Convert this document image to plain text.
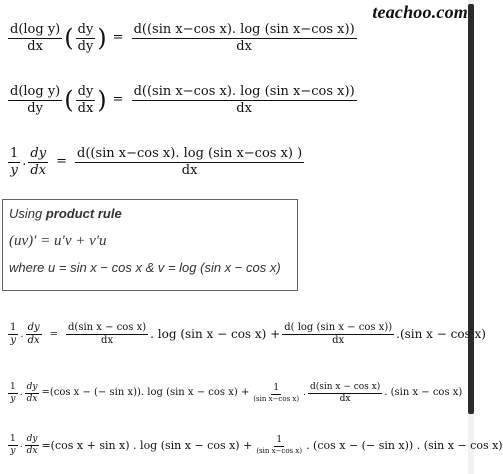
teachoo.com
$\frac{\text{d(log y)}}{dx}$ ( $\frac{dy}{dy}$ ) = $\frac{\text{d((sin x−cos x). log (sin x−cos x))}}{dx}$
$\frac{\text{d(log y)}}{dy}$ ( $\frac{dy}{dx}$ ) = $\frac{\text{d((sin x−cos x). log (sin x−cos x))}}{dx}$
$\frac{1}{y}$ . $\frac{dy}{dx} = \frac{\text{d((sin x−cos x). log (sin x−cos x) )}}{dx}$
Using product rule
(uv)′ = u′v + v′u
where u = sin x − cos x & v = log (sin x − cos x)
$\frac{1}{y}$ . $\frac{dy}{dx} = \frac{\text{d(sin x − cos x)}}{dx}$ . log (sin $x - \cos x) + \frac{\text{d( log (sin x − cos x))}}{dx} .(\sin$ x − cos x)
$\frac{1}{y}$ . $\frac{dy}{dx} =(\cos$ x − (− sin x)). log (sin $x - \cos x) + \frac{1}{\text{(sin x−cos x)}}$ . $\frac{\text{d(sin x − cos x)}}{dx}$ . (sin x − cos x)
$\frac{1}{y}$ . $\frac{dy}{dx} =(\cos$ x + sin x) . log (sin $x - \cos x) + \frac{1}{\text{(sin x−cos x)}}$ . (cos x − (− sin x)) . (sin x − cos x)
